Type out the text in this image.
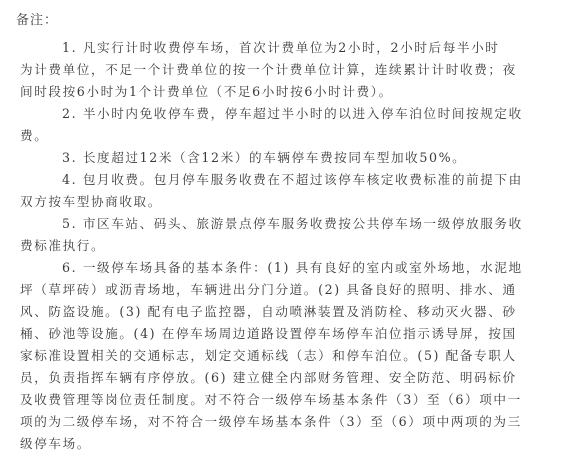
备注：
1. 凡实行计时收费停车场，首次计费单位为2小时，2小时后每半小时
为计费单位，不足一个计费单位的按一个计费单位计算，连续累计计时收费；夜
间时段按6小时为1个计费单位（不足6小时按6小时计费）。
2. 半小时内免收停车费，停车超过半小时的以进入停车泊位时间按规定收
费。
3. 长度超过12米（含12米）的车辆停车费按同车型加收50%。
4. 包月收费。包月停车服务收费在不超过该停车核定收费标准的前提下由
双方按车型协商收取。
5. 市区车站、码头、旅游景点停车服务收费按公共停车场一级停放服务收
费标准执行。
6. 一级停车场具备的基本条件：(1) 具有良好的室内或室外场地，水泥地
坪（草坪砖）或沥青场地，车辆进出分门分道。(2) 具备良好的照明、排水、通
风、防盗设施。(3) 配有电子监控器，自动喷淋装置及消防栓、移动灭火器、砂
桶、砂池等设施。(4) 在停车场周边道路设置停车场停车泊位指示诱导屏，按国
家标准设置相关的交通标志，划定交通标线（志）和停车泊位。(5) 配备专职人
员，负责指挥车辆有序停放。(6) 建立健全内部财务管理、安全防范、明码标价
及收费管理等岗位责任制度。对不符合一级停车场基本条件（3）至（6）项中一
项的为二级停车场，对不符合一级停车场基本条件（3）至（6）项中两项的为三
级停车场。
